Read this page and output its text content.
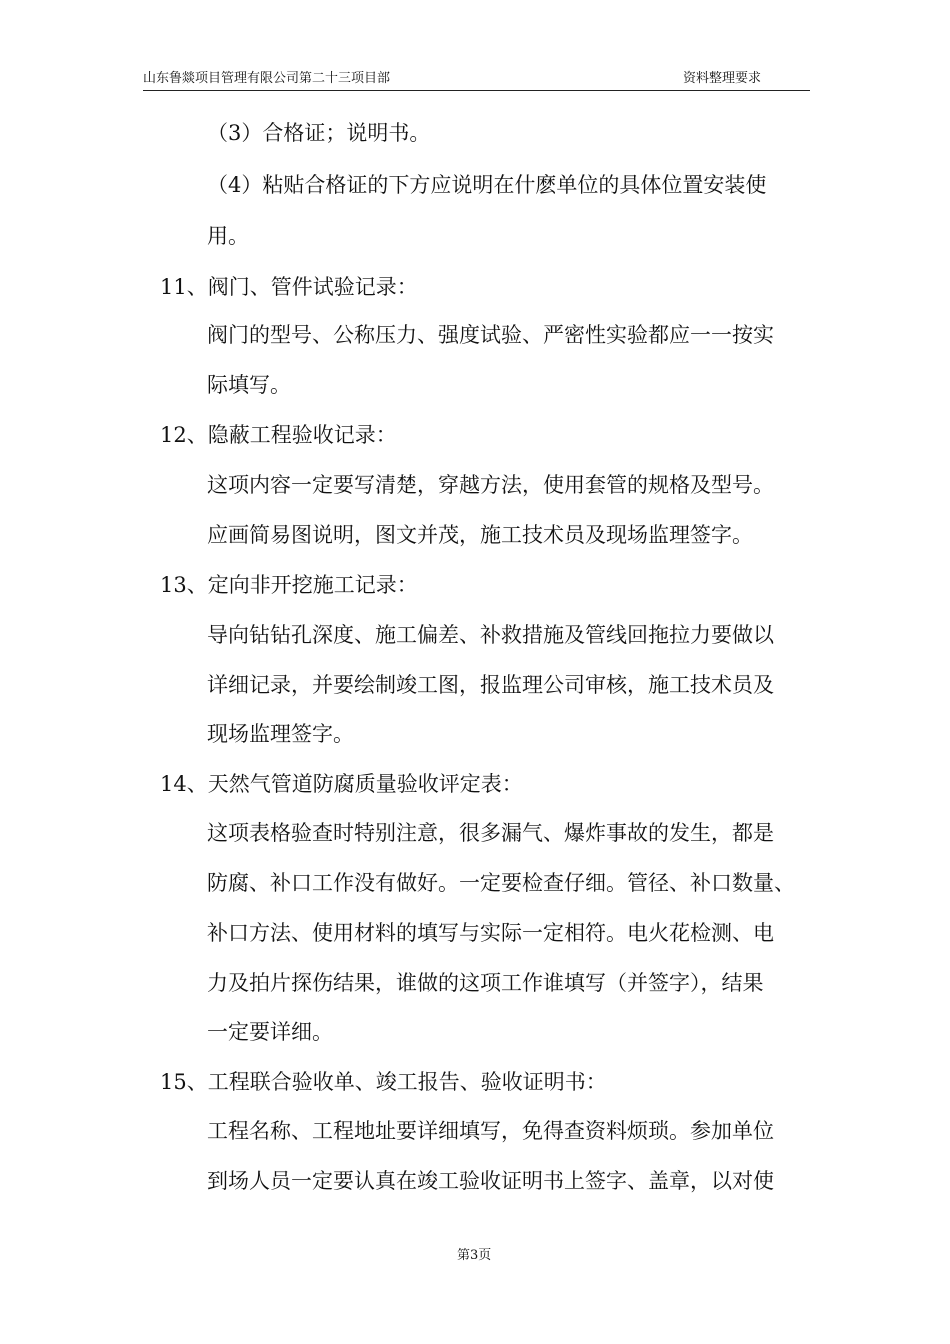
山东鲁燚项目管理有限公司第二十三项目部	资料整理要求
（3）合格证；说明书。
（4）粘贴合格证的下方应说明在什麽单位的具体位置安装使
用。
11、阀门、管件试验记录：
阀门的型号、公称压力、强度试验、严密性实验都应一一按实
际填写。
12、隐蔽工程验收记录：
这项内容一定要写清楚，穿越方法，使用套管的规格及型号。
应画简易图说明，图文并茂，施工技术员及现场监理签字。
13、定向非开挖施工记录：
导向钻钻孔深度、施工偏差、补救措施及管线回拖拉力要做以
详细记录，并要绘制竣工图，报监理公司审核，施工技术员及
现场监理签字。
14、天然气管道防腐质量验收评定表：
这项表格验查时特别注意，很多漏气、爆炸事故的发生，都是
防腐、补口工作没有做好。一定要检查仔细。管径、补口数量、
补口方法、使用材料的填写与实际一定相符。电火花检测、电
力及拍片探伤结果，谁做的这项工作谁填写（并签字），结果
一定要详细。
15、工程联合验收单、竣工报告、验收证明书：
工程名称、工程地址要详细填写，免得查资料烦琐。参加单位
到场人员一定要认真在竣工验收证明书上签字、盖章，以对使
第3页
